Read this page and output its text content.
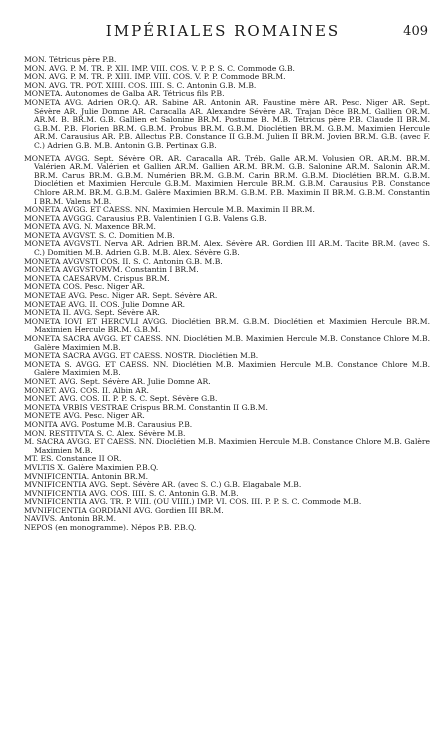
IMPÉRIALES ROMAINES	409

MON. Tétricus père P.B.

MON. AVG. P. M. TR. P. XII. IMP. VIII. COS. V. P. P. S. C. Commode G.B.

MON. AVG. P. M. TR. P. XIII. IMP. VIII. COS. V. P. P. Commode BR.M.

MON. AVG. TR. POT. XIIII. COS. IIII. S. C. Antonin G.B. M.B.

MONETA. Autonomes de Galba AR. Tétricus fils P.B.

MONETA AVG. Adrien OR.Q. AR. Sabine AR. Antonin AR. Faustine mère AR. Pesc. Niger AR. Sept. Sévère AR. Julie Domne AR. Caracalla AR. Alexandre Sévère AR. Trajan Dèce BR.M. Gallien OR.M. AR.M. B. BR.M. G.B. Gallien et Salonine BR.M. Postume B. M.B. Tétricus père P.B. Claude II BR.M. G.B.M. P.B. Florien BR.M. G.B.M. Probus BR.M. G.B.M. Dioclétien BR.M. G.B.M. Maximien Hercule AR.M. Carausius AR. P.B. Allectus P.B. Constance II G.B.M. Julien II BR.M. Jovien BR.M. G.B. (avec F. C.) Adrien G.B. M.B. Antonin G.B. Pertinax G.B.

MONETA AVGG. Sept. Sévère OR. AR. Caracalla AR. Tréb. Galle AR.M. Volusien OR. AR.M. BR.M. Valérien AR.M. Valérien et Gallien AR.M. Gallien AR.M. BR.M. G.B. Salonine AR.M. Salonin AR.M. BR.M. Carus BR.M. G.B.M. Numérien BR.M. G.B.M. Carin BR.M. G.B.M. Dioclétien BR.M. G.B.M. Dioclétien et Maximien Hercule G.B.M. Maximien Hercule BR.M. G.B.M. Carausius P.B. Constance Chlore AR.M. BR.M. G.B.M. Galère Maximien BR.M. G.B.M. P.B. Maximin II BR.M. G.B.M. Constantin I BR.M. Valens M.B.

MONETA AVGG. ET CAESS. NN. Maximien Hercule M.B. Maximin II BR.M.

MONETA AVGGG. Carausius P.B. Valentinien I G.B. Valens G.B.

MONETA AVG. N. Maxence BR.M.

MONETA AVGVST. S. C. Domitien M.B.

MONETA AVGVSTI. Nerva AR. Adrien BR.M. Alex. Sévère AR. Gordien III AR.M. Tacite BR.M. (avec S. C.) Domitien M.B. Adrien G.B. M.B. Alex. Sévère G.B.

MONETA AVGVSTI COS. II. S. C. Antonin G.B. M.B.

MONETA AVGVSTORVM. Constantin I BR.M.

MONETA CAESARVM. Crispus BR.M.

MONETA COS. Pesc. Niger AR.

MONETAE AVG. Pesc. Niger AR. Sept. Sévère AR.

MONETAE AVG. II. COS. Julie Domne AR.

MONETA II. AVG. Sept. Sévère AR.

MONETA IOVI ET HERCVLI AVGG. Dioclétien BR.M. G.B.M. Dioclétien et Maximien Hercule BR.M. Maximien Hercule BR.M. G.B.M.

MONETA SACRA AVGG. ET CAESS. NN. Dioclétien M.B. Maximien Hercule M.B. Constance Chlore M.B. Galère Maximien M.B.

MONETA SACRA AVGG. ET CAESS. NOSTR. Dioclétien M.B.

MONETA S. AVGG. ET CAESS. NN. Dioclétien M.B. Maximien Hercule M.B. Constance Chlore M.B. Galère Maximien M.B.

MONET. AVG. Sept. Sévère AR. Julie Domne AR.

MONET. AVG. COS. II. Albin AR.

MONET. AVG. COS. II. P. P. S. C. Sept. Sévère G.B.

MONETA VRBIS VESTRAE Crispus BR.M. Constantin II G.B.M.

MONETE AVG. Pesc. Niger AR.

MONITA AVG. Postume M.B. Carausius P.B.

MON. RESTITVTA S. C. Alex. Sévère M.B.

M. SACRA AVGG. ET CAESS. NN. Dioclétien M.B. Maximien Hercule M.B. Constance Chlore M.B. Galère Maximien M.B.

MT. ES. Constance II OR.

MVLTIS X. Galère Maximien P.B.Q.

MVNIFICENTIA. Antonin BR.M.

MVNIFICENTIA AVG. Sept. Sévère AR. (avec S. C.) G.B. Elagabale M.B.

MVNIFICENTIA AVG. COS. IIII. S. C. Antonin G.B. M.B.

MVNIFICENTIA AVG. TR. P. VIII. (OU VIIII.) IMP. VI. COS. III. P. P. S. C. Commode M.B.

MVNIFICENTIA GORDIANI AVG. Gordien III BR.M.

NAVIVS. Antonin BR.M.

NEPOS (en monogramme). Népos P.B. P.B.Q.
